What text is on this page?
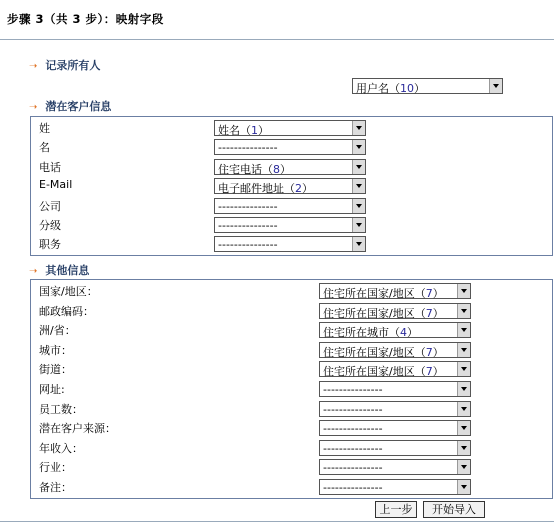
步骤 3（共 3 步）：映射字段
➝ 记录所有人
用户名（10）
➝ 潜在客户信息
姓	姓名（1）
名	---------------
电话	住宅电话（8）
E-Mail	电子邮件地址（2）
公司	---------------
分级	---------------
职务	---------------
➝ 其他信息
国家/地区：	住宅所在国家/地区（7）
邮政编码：	住宅所在国家/地区（7）
洲/省：	住宅所在城市（4）
城市：	住宅所在国家/地区（7）
街道：	住宅所在国家/地区（7）
网址:	---------------
员工数：	---------------
潜在客户来源：	---------------
年收入：	---------------
行业：	---------------
备注：	---------------
上一步	开始导入
